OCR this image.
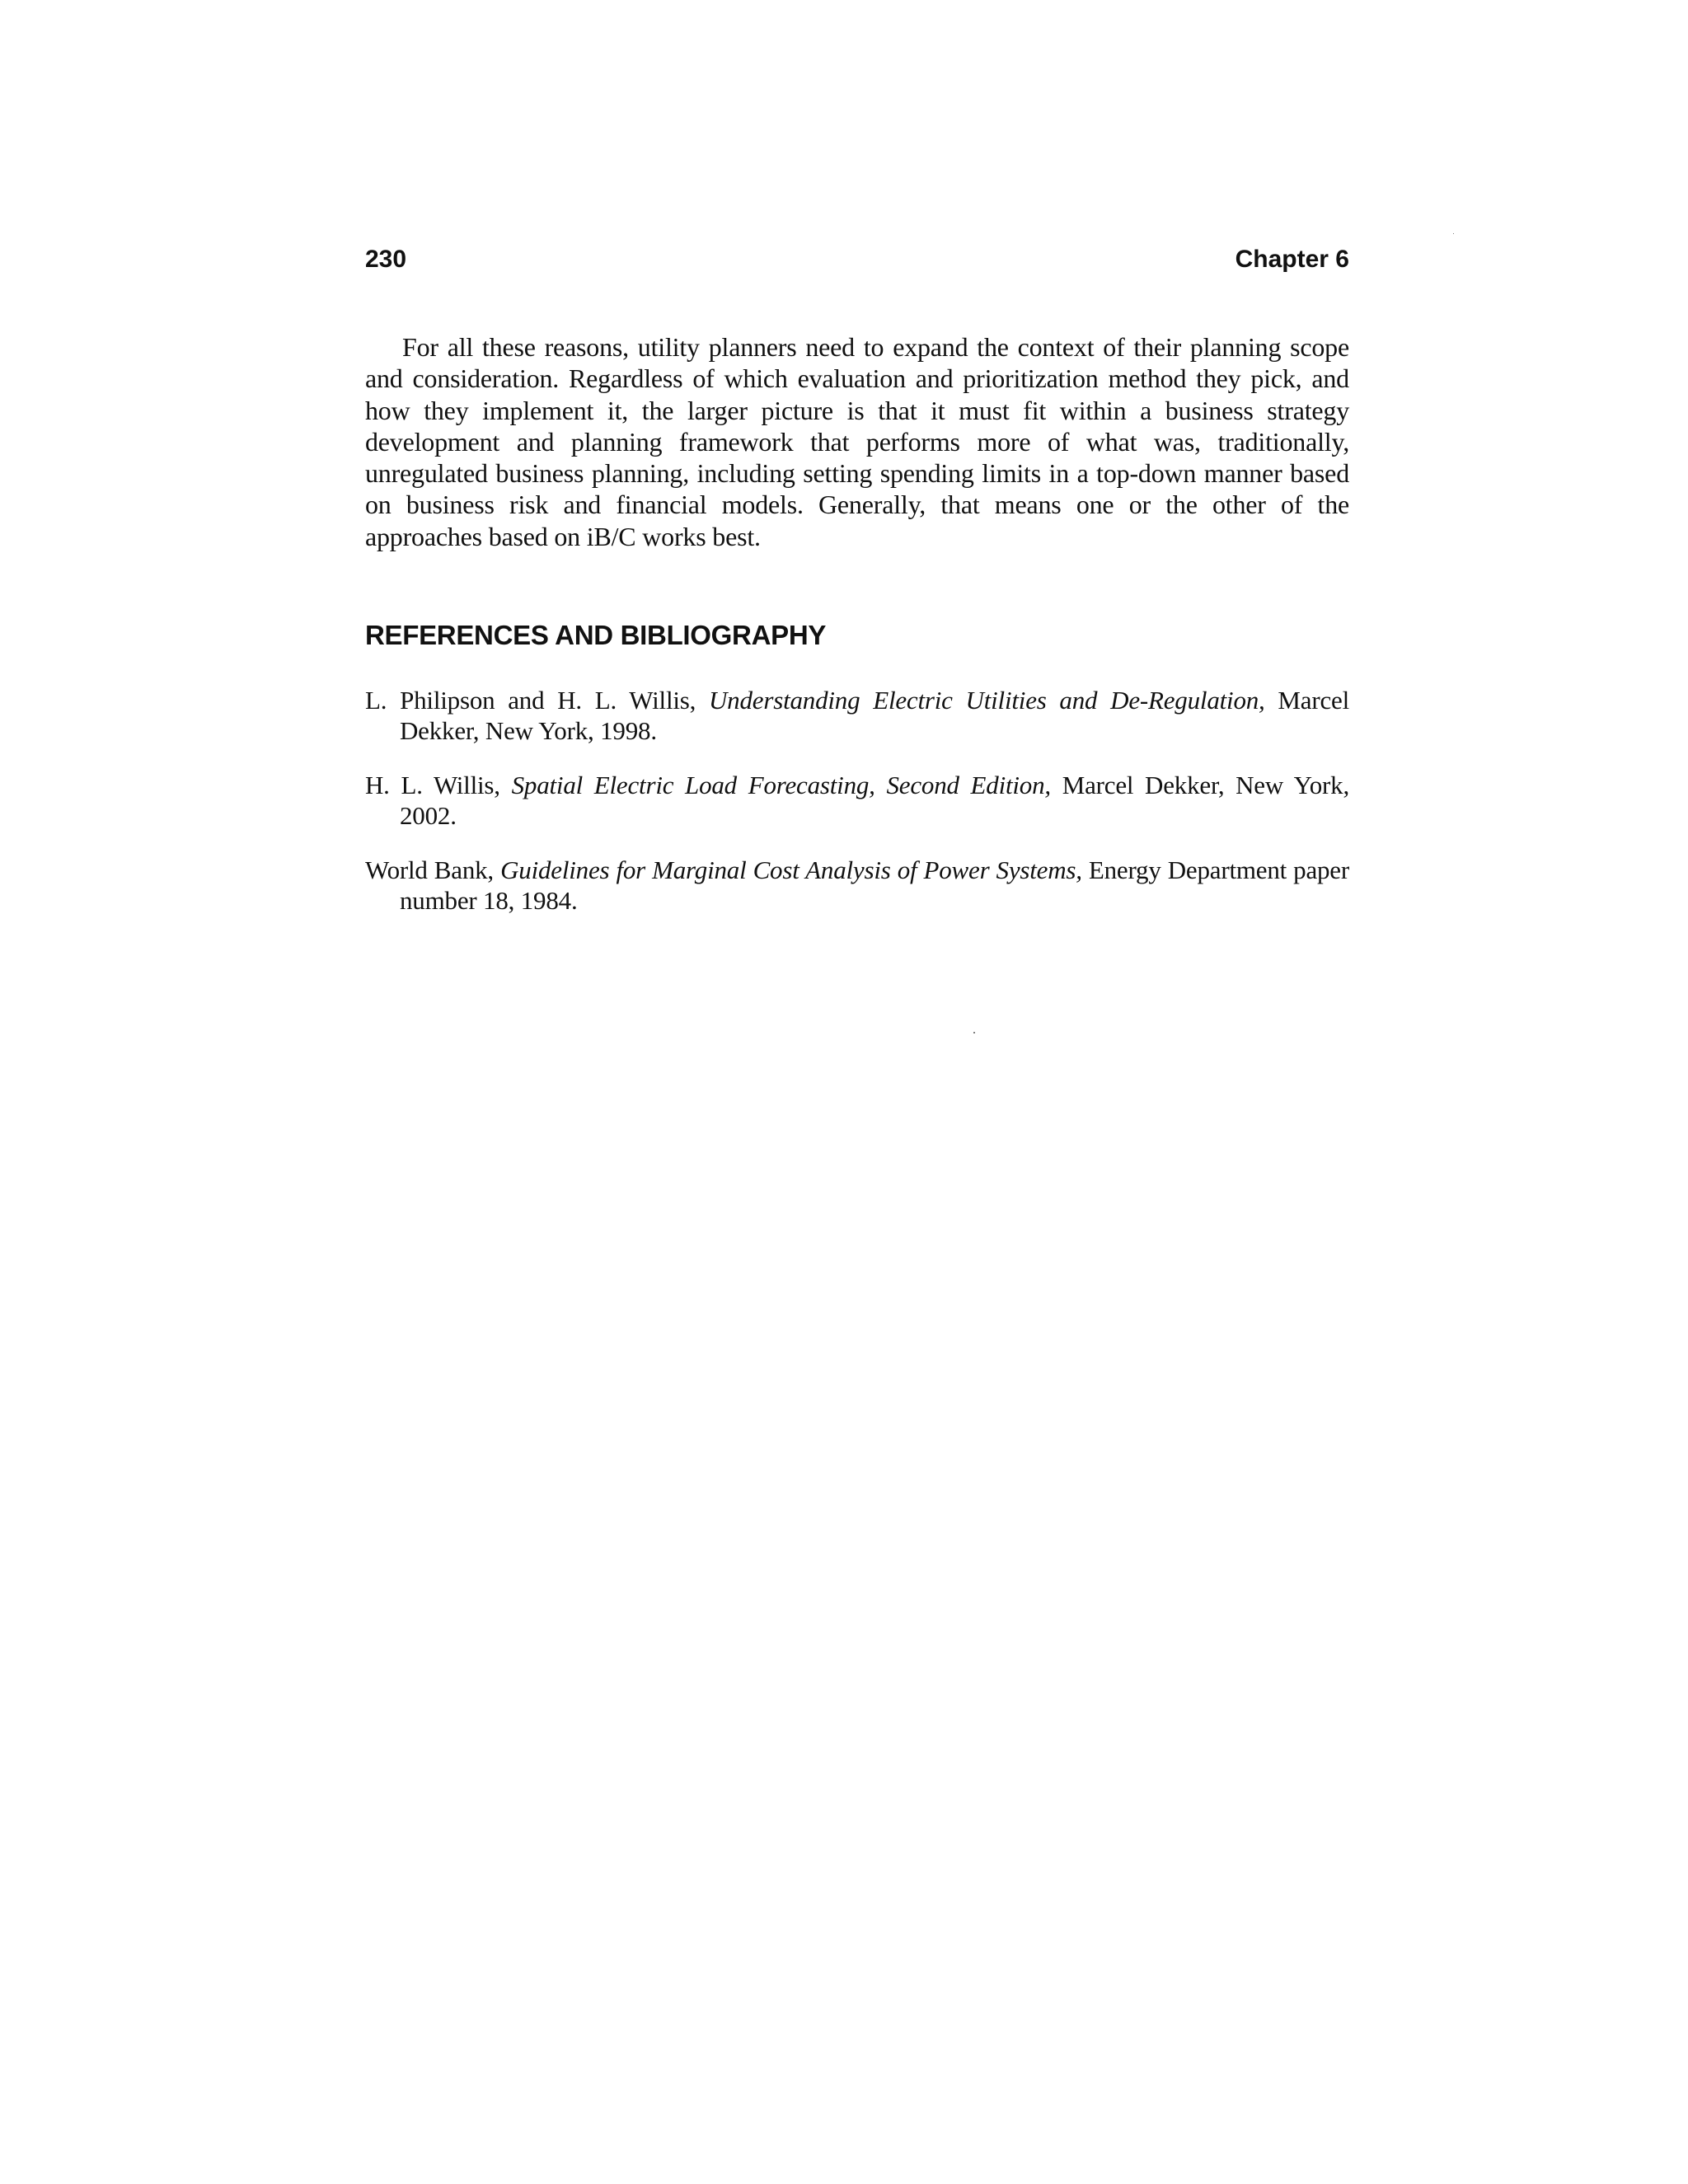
230	Chapter 6

For all these reasons, utility planners need to expand the context of their planning scope and consideration. Regardless of which evaluation and prioritization method they pick, and how they implement it, the larger picture is that it must fit within a business strategy development and planning framework that performs more of what was, traditionally, unregulated business planning, including setting spending limits in a top-down manner based on business risk and financial models. Generally, that means one or the other of the approaches based on iB/C works best.

REFERENCES AND BIBLIOGRAPHY
L. Philipson and H. L. Willis, Understanding Electric Utilities and De-Regulation, Marcel Dekker, New York, 1998.
H. L. Willis, Spatial Electric Load Forecasting, Second Edition, Marcel Dekker, New York, 2002.
World Bank, Guidelines for Marginal Cost Analysis of Power Systems, Energy Department paper number 18, 1984.
